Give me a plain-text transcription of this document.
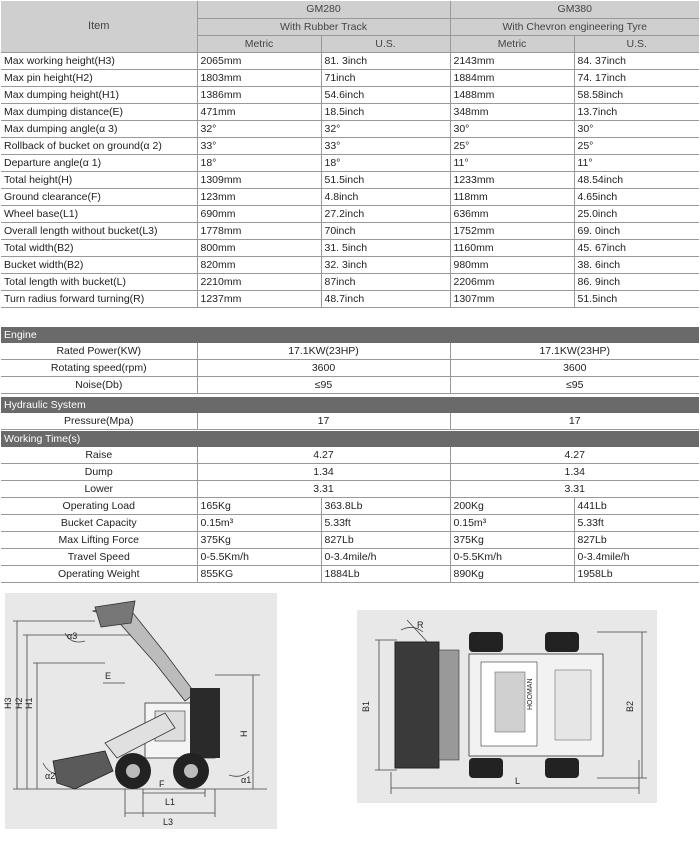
Item	GM280		GM380	
	With Rubber Track		With Chevron engineering Tyre	
	Metric	U.S.	Metric	U.S.
Max working height(H3)	2065mm	81. 3inch	2143mm	84. 37inch
Max pin height(H2)	1803mm	71inch	1884mm	74. 17inch
Max dumping height(H1)	1386mm	54.6inch	1488mm	58.58inch
Max dumping distance(E)	471mm	18.5inch	348mm	13.7inch
Max dumping angle(α 3)	32°	32°	30°	30°
Rollback of bucket on ground(α 2)	33°	33°	25°	25°
Departure angle(α 1)	18°	18°	11°	11°
Total height(H)	1309mm	51.5inch	1233mm	48.54inch
Ground clearance(F)	123mm	4.8inch	118mm	4.65inch
Wheel base(L1)	690mm	27.2inch	636mm	25.0inch
Overall length without bucket(L3)	1778mm	70inch	1752mm	69. 0inch
Total width(B2)	800mm	31. 5inch	1160mm	45. 67inch
Bucket width(B2)	820mm	32. 3inch	980mm	38. 6inch
Total length with bucket(L)	2210mm	87inch	2206mm	86. 9inch
Turn radius forward turning(R)	1237mm	48.7inch	1307mm	51.5inch
Engine
Rated Power(KW)	17.1KW(23HP)	17.1KW(23HP)
Rotating speed(rpm)	3600	3600
Noise(Db)	≤95	≤95
Hydraulic System
Pressure(Mpa)	17	17
Working Time(s)
Raise	4.27	4.27
Dump	1.34	1.34
Lower	3.31	3.31
Operating Load	165Kg	363.8Lb	200Kg	441Lb
Bucket Capacity	0.15m³	5.33ft	0.15m³	5.33ft
Max Lifting Force	375Kg	827Lb	375Kg	827Lb
Travel Speed	0-5.5Km/h	0-3.4mile/h	0-5.5Km/h	0-3.4mile/h
Operating Weight	855KG	1884Lb	890Kg	1958Lb
α3
E
H3 H2 H1
H
α2	α1
F
L1
L3
R
B1	B2
L
HOOMAN
